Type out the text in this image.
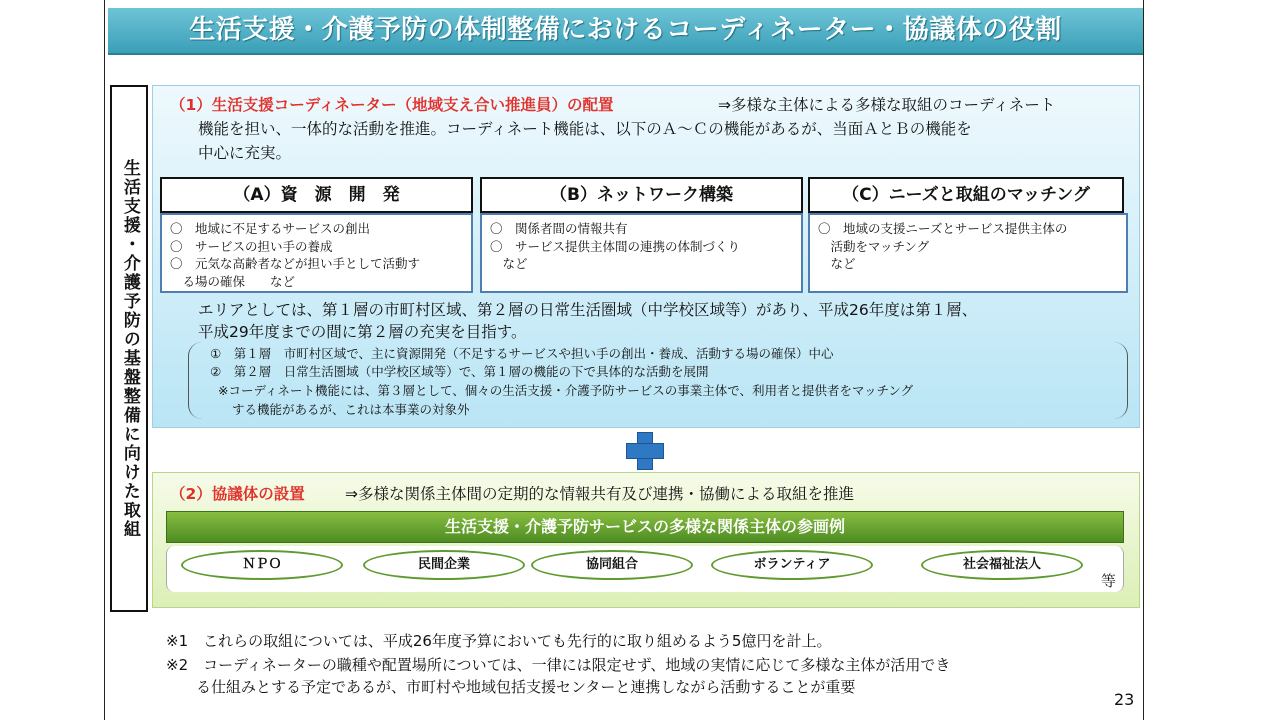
生活支援・介護予防の体制整備におけるコーディネーター・協議体の役割
生活支援・介護予防の基盤整備に向けた取組
（1）生活支援コーディネーター（地域支え合い推進員）の配置	⇒多様な主体による多様な取組のコーディネート
機能を担い、一体的な活動を推進。コーディネート機能は、以下のＡ～Ｃの機能があるが、当面ＡとＢの機能を
中心に充実。
（A）資　源　開　発
〇　地域に不足するサービスの創出
〇　サービスの担い手の養成
〇　元気な高齢者などが担い手として活動す
　る場の確保　　など
（B）ネットワーク構築
〇　関係者間の情報共有
〇　サービス提供主体間の連携の体制づくり
　など
（C）ニーズと取組のマッチング
〇　地域の支援ニーズとサービス提供主体の
　活動をマッチング
　など
エリアとしては、第１層の市町村区域、第２層の日常生活圏域（中学校区域等）があり、平成26年度は第１層、
平成29年度までの間に第２層の充実を目指す。
①　第１層　市町村区域で、主に資源開発（不足するサービスや担い手の創出・養成、活動する場の確保）中心
②　第２層　日常生活圏域（中学校区域等）で、第１層の機能の下で具体的な活動を展開
※コーディネート機能には、第３層として、個々の生活支援・介護予防サービスの事業主体で、利用者と提供者をマッチング
する機能があるが、これは本事業の対象外
（2）協議体の設置	⇒多様な関係主体間の定期的な情報共有及び連携・協働による取組を推進
生活支援・介護予防サービスの多様な関係主体の参画例
ＮＰＯ	民間企業	協同組合	ボランティア	社会福祉法人
等
※1　これらの取組については、平成26年度予算においても先行的に取り組めるよう5億円を計上。
※2　コーディネーターの職種や配置場所については、一律には限定せず、地域の実情に応じて多様な主体が活用でき
　　る仕組みとする予定であるが、市町村や地域包括支援センターと連携しながら活動することが重要
23
